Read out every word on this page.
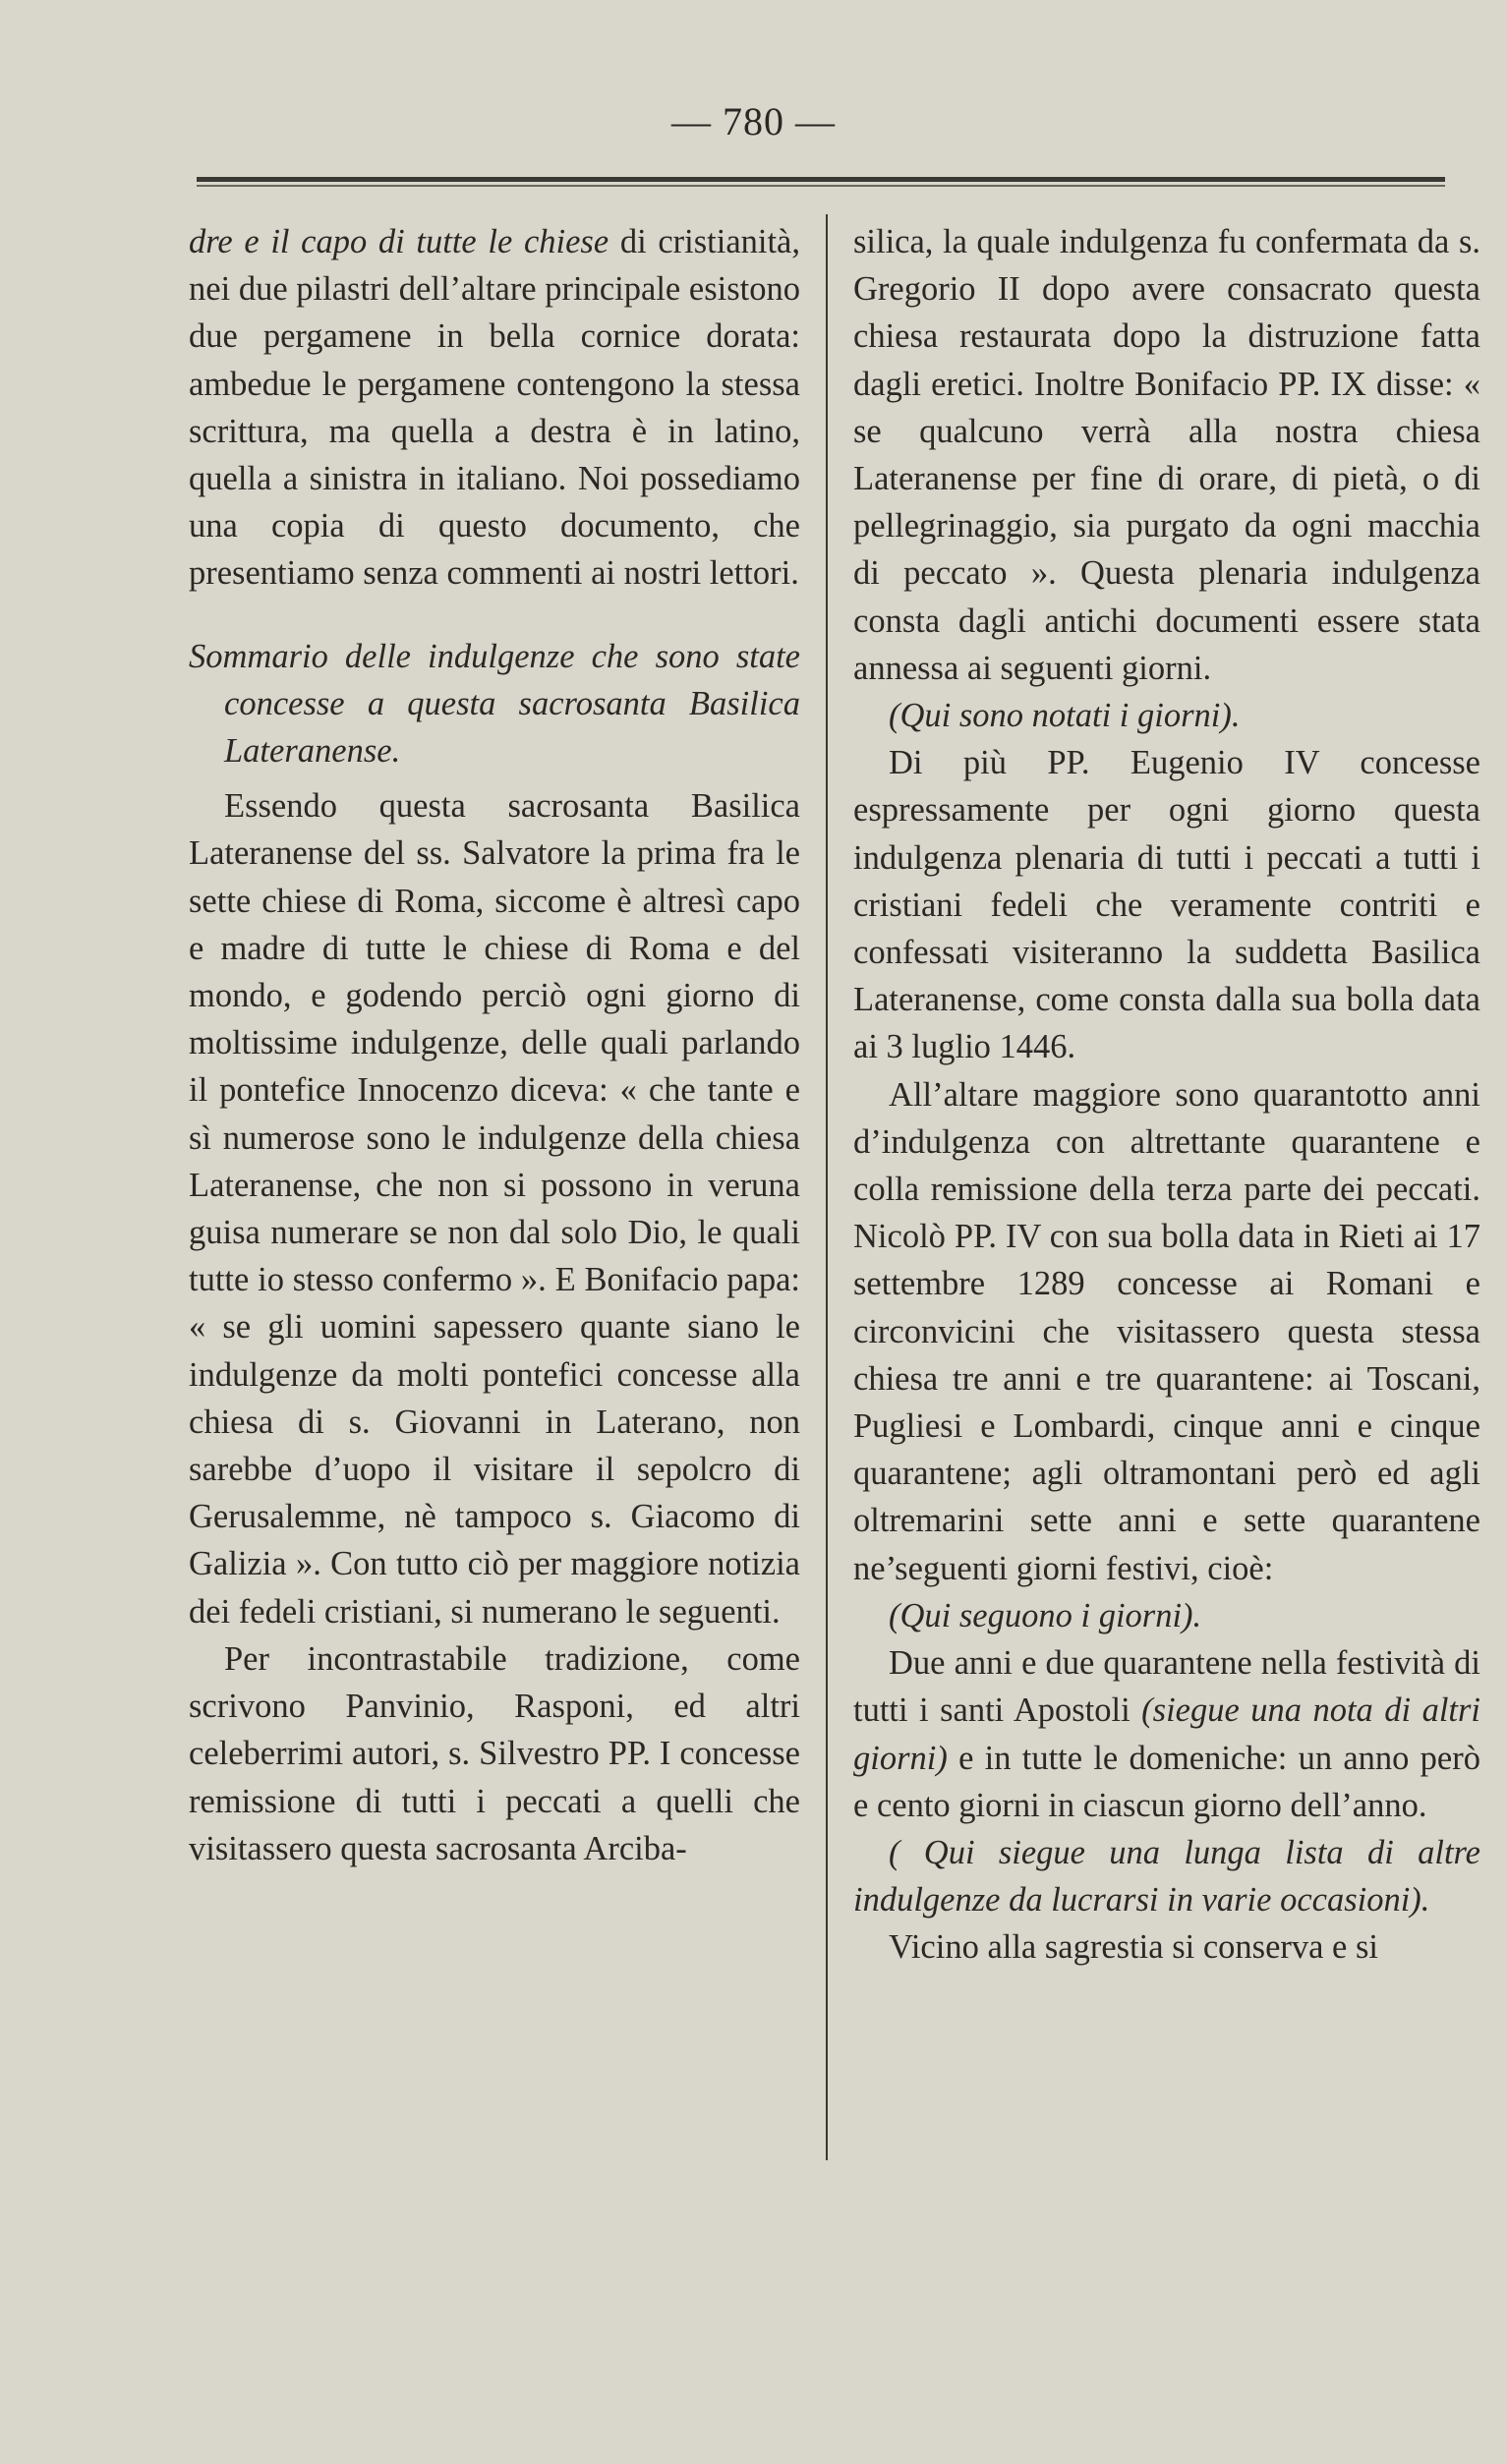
— 780 —

dre e il capo di tutte le chiese di cristianità, nei due pilastri dell’altare principale esistono due pergamene in bella cornice dorata: ambedue le pergamene contengono la stessa scrittura, ma quella a destra è in latino, quella a sinistra in italiano. Noi possediamo una copia di questo documento, che presentiamo senza commenti ai nostri lettori.

Sommario delle indulgenze che sono state concesse a questa sacrosanta Basilica Lateranense.

Essendo questa sacrosanta Basilica Lateranense del ss. Salvatore la prima fra le sette chiese di Roma, siccome è altresì capo e madre di tutte le chiese di Roma e del mondo, e godendo perciò ogni giorno di moltissime indulgenze, delle quali parlando il pontefice Innocenzo diceva: « che tante e sì numerose sono le indulgenze della chiesa Lateranense, che non si possono in veruna guisa numerare se non dal solo Dio, le quali tutte io stesso confermo ». E Bonifacio papa: « se gli uomini sapessero quante siano le indulgenze da molti pontefici concesse alla chiesa di s. Giovanni in Laterano, non sarebbe d’uopo il visitare il sepolcro di Gerusalemme, nè tampoco s. Giacomo di Galizia ». Con tutto ciò per maggiore notizia dei fedeli cristiani, si numerano le seguenti.

Per incontrastabile tradizione, come scrivono Panvinio, Rasponi, ed altri celeberrimi autori, s. Silvestro PP. I concesse remissione di tutti i peccati a quelli che visitassero questa sacrosanta Arciba-

silica, la quale indulgenza fu confermata da s. Gregorio II dopo avere consacrato questa chiesa restaurata dopo la distruzione fatta dagli eretici. Inoltre Bonifacio PP. IX disse: « se qualcuno verrà alla nostra chiesa Lateranense per fine di orare, di pietà, o di pellegrinaggio, sia purgato da ogni macchia di peccato ». Questa plenaria indulgenza consta dagli antichi documenti essere stata annessa ai seguenti giorni.

(Qui sono notati i giorni).

Di più PP. Eugenio IV concesse espressamente per ogni giorno questa indulgenza plenaria di tutti i peccati a tutti i cristiani fedeli che veramente contriti e confessati visiteranno la suddetta Basilica Lateranense, come consta dalla sua bolla data ai 3 luglio 1446.

All’altare maggiore sono quarantotto anni d’indulgenza con altrettante quarantene e colla remissione della terza parte dei peccati. Nicolò PP. IV con sua bolla data in Rieti ai 17 settembre 1289 concesse ai Romani e circonvicini che visitassero questa stessa chiesa tre anni e tre quarantene: ai Toscani, Pugliesi e Lombardi, cinque anni e cinque quarantene; agli oltramontani però ed agli oltremarini sette anni e sette quarantene ne’seguenti giorni festivi, cioè:

(Qui seguono i giorni).

Due anni e due quarantene nella festività di tutti i santi Apostoli (siegue una nota di altri giorni) e in tutte le domeniche: un anno però e cento giorni in ciascun giorno dell’anno.

( Qui siegue una lunga lista di altre indulgenze da lucrarsi in varie occasioni).

Vicino alla sagrestia si conserva e si
